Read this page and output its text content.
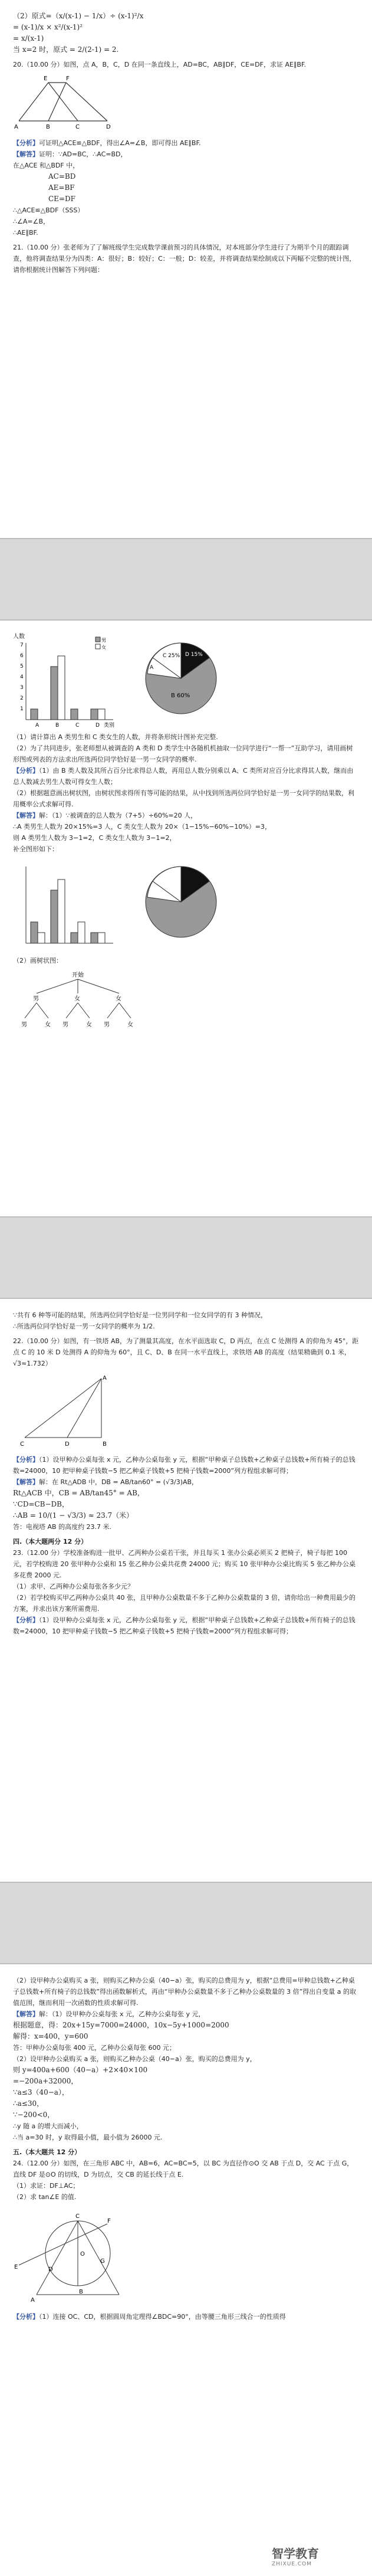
（2）原式=（x/(x-1) − 1/x）÷ (x-1)²/x

= (x-1)/x × x²/(x-1)²

= x/(x-1)

当 x=2 时，原式 = 2/(2-1) = 2.

20.（10.00 分）如图，点 A，B，C，D 在同一条直线上，AD=BC，AB∥DF，CE=DF，求证 AE∥BF.

A	B	C	D
E	F

【分析】可证明△ACE≌△BDF，得出∠A=∠B，即可得出 AE∥BF.

【解答】证明：∵AD=BC，∴AC=BD，

在△ACE 和△BDF 中，

AC=BD

AE=BF

CE=DF

∴△ACE≌△BDF（SSS）

∴∠A=∠B，

∴AE∥BF.

21.（10.00 分）张老师为了了解班级学生完成数学课前预习的具体情况，对本班部分学生进行了为期半个月的跟踪调查，他将调查结果分为四类：A：很好；B：较好；C：一般；D：较差，并将调查结果绘制成以下两幅不完整的统计图，请你根据统计图解答下列问题：

人数
1
2
3
4
5
6
7
A	B	C	D 类别
男
女
A
C 25% D 15%
B 60%

（1）请计算出 A 类男生和 C 类女生的人数，并将条形统计图补充完整.

（2）为了共同进步，张老师想从被调查的 A 类和 D 类学生中各随机机抽取一位同学进行“一帮一”互助学习，请用画树形图或列表的方法求出所选两位同学恰好是一男一女同学的概率.

【分析】（1）由 B 类人数及其所占百分比求得总人数，再用总人数分别乘以 A、C 类所对应百分比求得其人数，继而由总人数减去男生人数可得女生人数；

（2）根据题意画出树状图，由树状图求得所有等可能的结果，从中找到所选两位同学恰好是一男一女同学的结果数，利用概率公式求解可得.

【解答】解：（1）∵被调查的总人数为（7+5）÷60%=20 人，

∴A 类男生人数为 20×15%=3 人，C 类女生人数为 20×（1−15%−60%−10%）=3，

则 A 类男生人数为 3−1=2，C 类女生人数为 3−1=2，

补全图形如下：

（2）画树状图：

开始
男	女	女
男	女 男	女 男	女

∵共有 6 种等可能的结果，所选两位同学恰好是一位男同学和一位女同学的有 3 种情况，

∴所选两位同学恰好是一男一女同学的概率为 1/2.

22.（10.00 分）如图，有一铁塔 AB，为了测量其高度，在水平面选取 C，D 两点，在点 C 处测得 A 的仰角为 45°，距点 C 的 10 米 D 处测得 A 的仰角为 60°，且 C、D、B 在同一水平直线上，求铁塔 AB 的高度（结果精确到 0.1 米，√3≈1.732）

A
B
C	D

【分析】（1）设甲种办公桌每张 x 元，乙种办公桌每张 y 元，根据“甲种桌子总钱数+乙种桌子总钱数+所有椅子的总钱数=24000，10 把甲种桌子钱数−5 把乙种桌子钱数+5 把椅子钱数=2000”列方程组求解可得；

【解答】解：在 Rt△ADB 中，DB = AB/tan60° = (√3/3)AB，

Rt△ACB 中，CB = AB/tan45° = AB，

∵CD=CB−DB，

∴AB = 10/(1 − √3/3) ≈ 23.7（米）

答：电视塔 AB 的高度约 23.7 米.

四.（本大题两分 12 分）

23.（12.00 分）学校准备购进一批甲、乙两种办公桌若干张，并且每买 1 张办公桌必须买 2 把椅子，椅子每把 100 元，若学校购进 20 张甲种办公桌和 15 张乙种办公桌共花费 24000 元；购买 10 张甲种办公桌比购买 5 张乙种办公桌多花费 2000 元.

（1）求甲、乙两种办公桌每张各多少元？

（2）若学校购买甲乙两种办公桌共 40 张，且甲种办公桌数量不多于乙种办公桌数量的 3 倍，请你给出一种费用最少的方案，并求出该方案所需费用.

【分析】（1）设甲种办公桌每张 x 元，乙种办公桌每张 y 元，根据“甲种桌子总钱数+乙种桌子总钱数+所有椅子的总钱数=24000，10 把甲种桌子钱数−5 把乙种桌子钱数+5 把椅子钱数=2000”列方程组求解可得；

（2）设甲种办公桌购买 a 张，则购买乙种办公桌（40−a）张，购买的总费用为 y，根据“总费用=甲种总钱数+乙种桌子总钱数+所有椅子的总钱数”得出函数解析式，再由“甲种办公桌数量不多于乙种办公桌数量的 3 倍”得出自变量 a 的取值范围，继而利用一次函数的性质求解可得.

【解答】解：（1）设甲种办公桌每张 x 元，乙种办公桌每张 y 元，

根据题意，得：20x+15y=7000=24000，10x−5y+1000=2000

解得：x=400，y=600

答：甲种办公桌每张 400 元，乙种办公桌每张 600 元；

（2）设甲种办公桌购买 a 张，则购买乙种办公桌（40−a）张，购买的总费用为 y，

则 y=400a+600（40−a）+2×40×100

=−200a+32000，

∵a≤3（40−a），

∴a≤30，

∵−200<0，

∴y 随 a 的增大而减小，

∴当 a=30 时，y 取得最小值，最小值为 26000 元.

五.（本大题共 12 分）

24.（12.00 分）如图，在三角形 ABC 中，AB=6，AC=BC=5，以 BC 为直径作⊙O 交 AB 于点 D，交 AC 于点 G，直线 DF 是⊙O 的切线，D 为切点，交 CB 的延长线于点 E.

（1）求证：DF⊥AC；

（2）求 tan∠E 的值.

A
B
C
D
E
F
G
O

【分析】（1）连接 OC、CD，根据圆周角定理得∠BDC=90°，由等腰三角形三线合一的性质得

智学教育
ZHIXUE.COM
